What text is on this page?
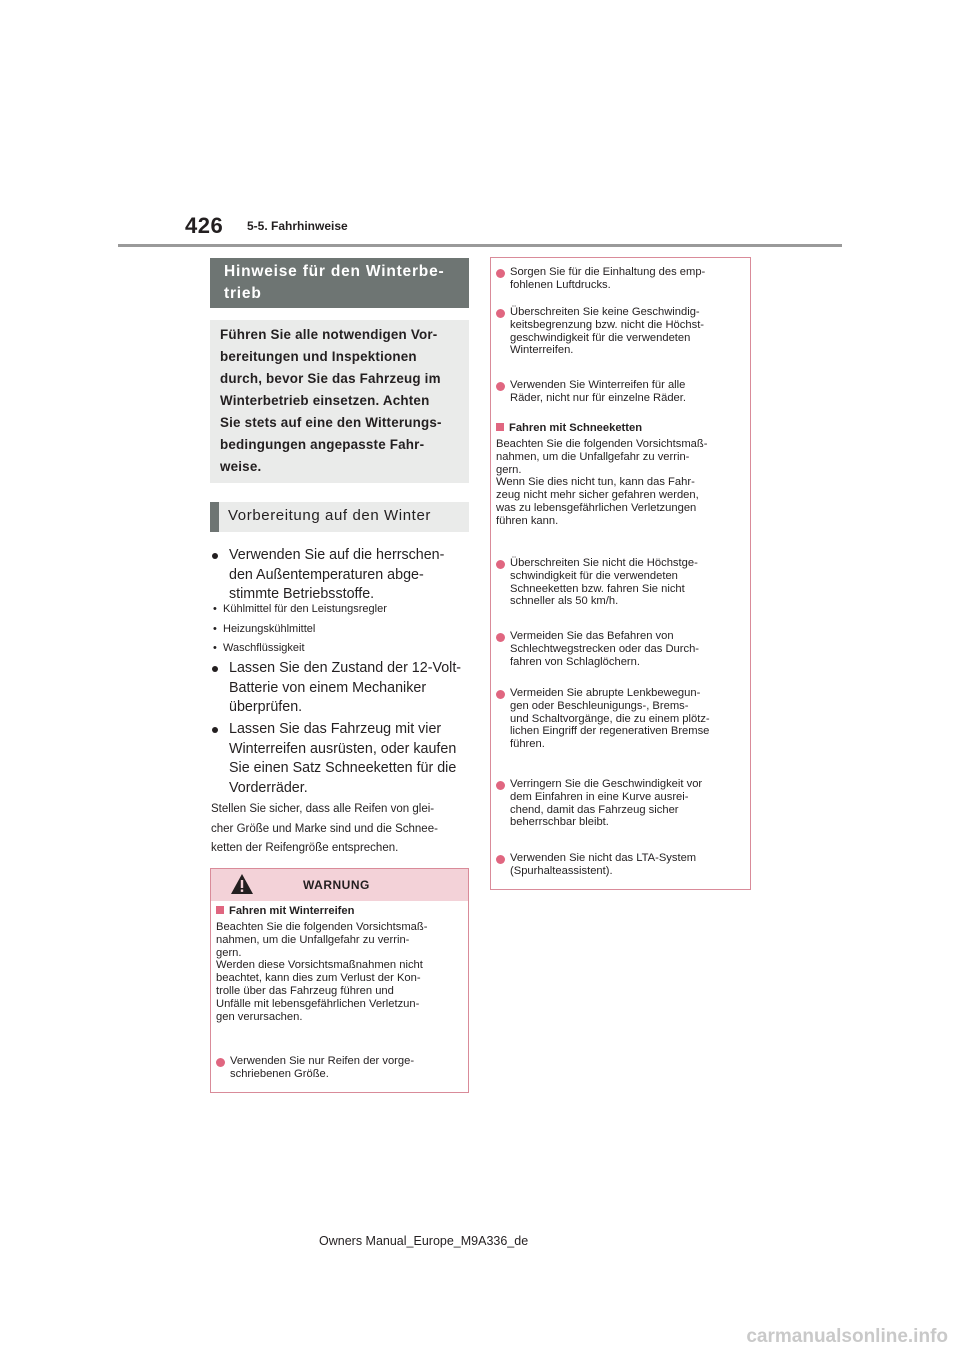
426 5-5. Fahrhinweise
Hinweise für den Winterbe-
trieb
Führen Sie alle notwendigen Vor-
bereitungen und Inspektionen
durch, bevor Sie das Fahrzeug im
Winterbetrieb einsetzen. Achten
Sie stets auf eine den Witterungs-
bedingungen angepasste Fahr-
weise.
Vorbereitung auf den Winter
Verwenden Sie auf die herrschen-
den Außentemperaturen abge-
stimmte Betriebsstoffe.
• Kühlmittel für den Leistungsregler
• Heizungskühlmittel
• Waschflüssigkeit
Lassen Sie den Zustand der 12-Volt-
Batterie von einem Mechaniker
überprüfen.
Lassen Sie das Fahrzeug mit vier
Winterreifen ausrüsten, oder kaufen
Sie einen Satz Schneeketten für die
Vorderräder.
Stellen Sie sicher, dass alle Reifen von glei-
cher Größe und Marke sind und die Schnee-
ketten der Reifengröße entsprechen.
WARNUNG
Fahren mit Winterreifen
Beachten Sie die folgenden Vorsichtsmaß-
nahmen, um die Unfallgefahr zu verrin-
gern.
Werden diese Vorsichtsmaßnahmen nicht
beachtet, kann dies zum Verlust der Kon-
trolle über das Fahrzeug führen und
Unfälle mit lebensgefährlichen Verletzun-
gen verursachen.
Verwenden Sie nur Reifen der vorge-
schriebenen Größe.
Sorgen Sie für die Einhaltung des emp-
fohlenen Luftdrucks.
Überschreiten Sie keine Geschwindig-
keitsbegrenzung bzw. nicht die Höchst-
geschwindigkeit für die verwendeten
Winterreifen.
Verwenden Sie Winterreifen für alle
Räder, nicht nur für einzelne Räder.
Fahren mit Schneeketten
Beachten Sie die folgenden Vorsichtsmaß-
nahmen, um die Unfallgefahr zu verrin-
gern.
Wenn Sie dies nicht tun, kann das Fahr-
zeug nicht mehr sicher gefahren werden,
was zu lebensgefährlichen Verletzungen
führen kann.
Überschreiten Sie nicht die Höchstge-
schwindigkeit für die verwendeten
Schneeketten bzw. fahren Sie nicht
schneller als 50 km/h.
Vermeiden Sie das Befahren von
Schlechtwegstrecken oder das Durch-
fahren von Schlaglöchern.
Vermeiden Sie abrupte Lenkbewegun-
gen oder Beschleunigungs-, Brems-
und Schaltvorgänge, die zu einem plötz-
lichen Eingriff der regenerativen Bremse
führen.
Verringern Sie die Geschwindigkeit vor
dem Einfahren in eine Kurve ausrei-
chend, damit das Fahrzeug sicher
beherrschbar bleibt.
Verwenden Sie nicht das LTA-System
(Spurhalteassistent).
Owners Manual_Europe_M9A336_de
carmanualsonline.info
